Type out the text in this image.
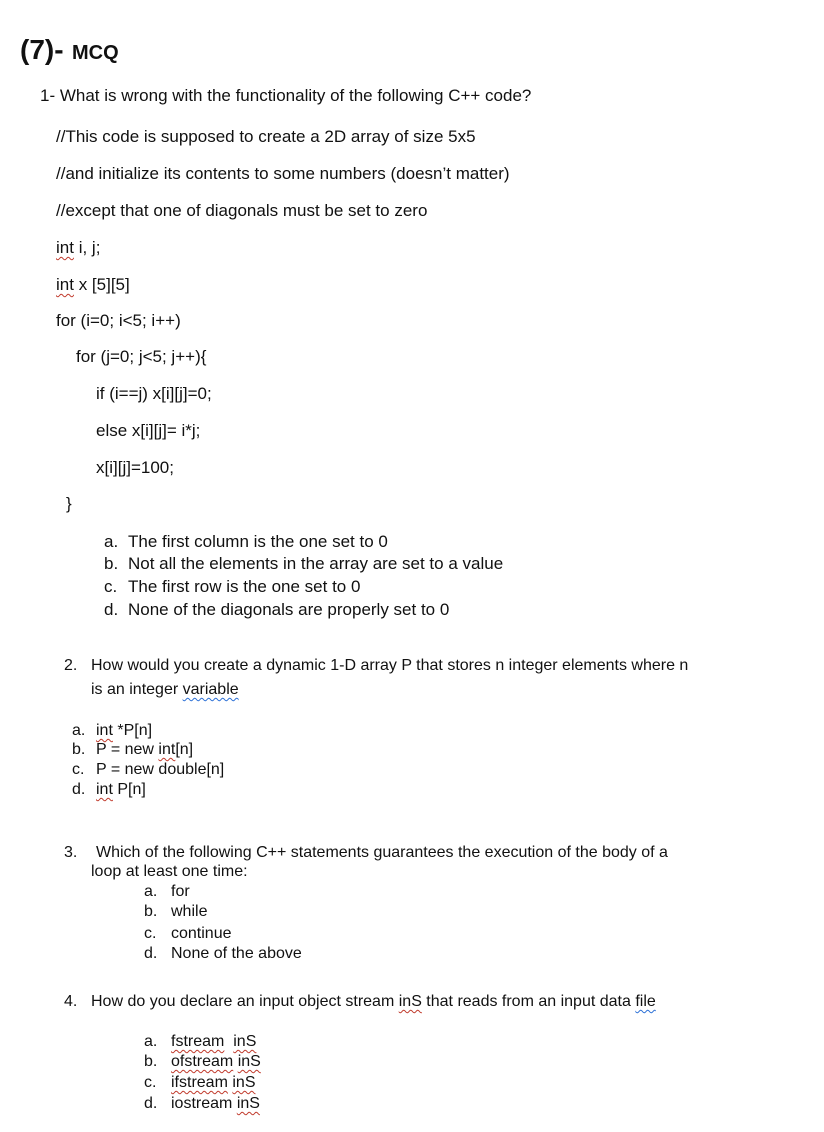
(7)- MCQ
1- What is wrong with the functionality of the following C++ code?
//This code is supposed to create a 2D array of size 5x5
//and initialize its contents to some numbers (doesn’t matter)
//except that one of diagonals must be set to zero
int i, j;
int x [5][5]
for (i=0; i<5; i++)
for (j=0; j<5; j++){
if (i==j) x[i][j]=0;
else x[i][j]= i*j;
x[i][j]=100;
}
a. The first column is the one set to 0
b. Not all the elements in the array are set to a value
c. The first row is the one set to 0
d. None of the diagonals are properly set to 0
2. How would you create a dynamic 1-D array P that stores n integer elements where n
is an integer variable
a. int *P[n]
b. P = new int[n]
c. P = new double[n]
d. int P[n]
3. Which of the following C++ statements guarantees the execution of the body of a
loop at least one time:
a. for
b. while
c. continue
d. None of the above
4. How do you declare an input object stream inS that reads from an input data file
a. fstream inS
b. ofstream inS
c. ifstream inS
d. iostream inS
